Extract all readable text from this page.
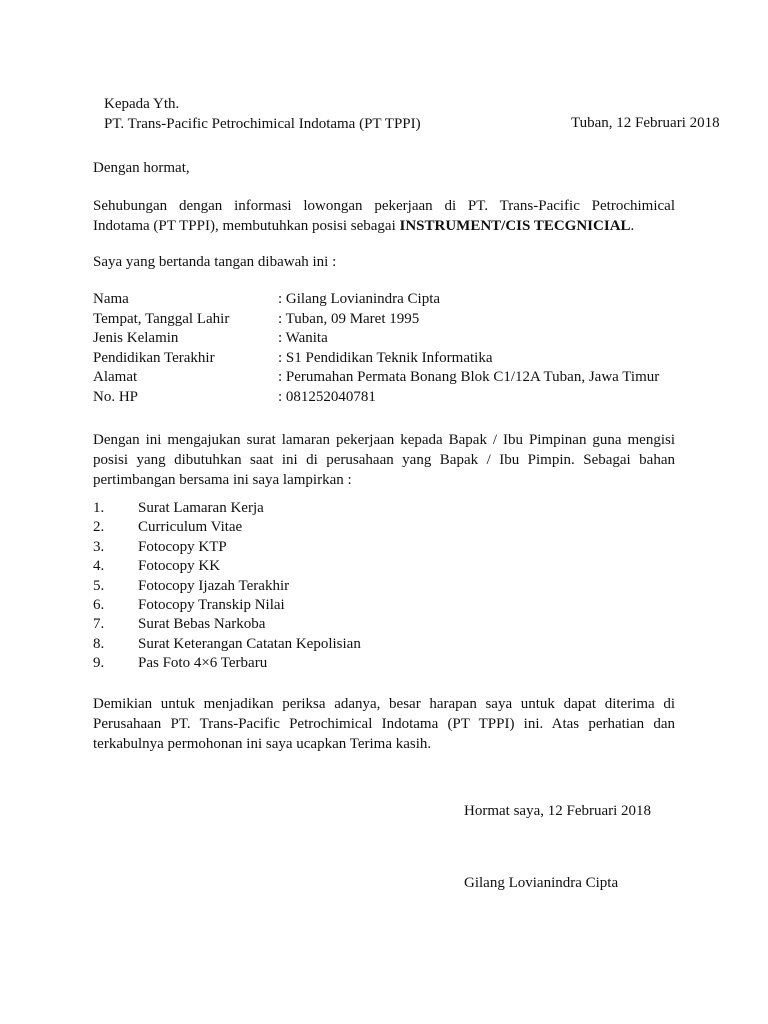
Kepada Yth.
PT. Trans-Pacific Petrochimical Indotama (PT TPPI)	Tuban, 12 Februari 2018
Dengan hormat,
Sehubungan dengan informasi lowongan pekerjaan di PT. Trans-Pacific Petrochimical
Indotama (PT TPPI), membutuhkan posisi sebagai INSTRUMENT/CIS TECGNICIAL.
Saya yang bertanda tangan dibawah ini :
Nama	: Gilang Lovianindra Cipta
Tempat, Tanggal Lahir	: Tuban, 09 Maret 1995
Jenis Kelamin	: Wanita
Pendidikan Terakhir	: S1 Pendidikan Teknik Informatika
Alamat	: Perumahan Permata Bonang Blok C1/12A Tuban, Jawa Timur
No. HP	: 081252040781
Dengan ini mengajukan surat lamaran pekerjaan kepada Bapak / Ibu Pimpinan guna mengisi
posisi yang dibutuhkan saat ini di perusahaan yang Bapak / Ibu Pimpin. Sebagai bahan
pertimbangan bersama ini saya lampirkan :
1. Surat Lamaran Kerja
2. Curriculum Vitae
3. Fotocopy KTP
4. Fotocopy KK
5. Fotocopy Ijazah Terakhir
6. Fotocopy Transkip Nilai
7. Surat Bebas Narkoba
8. Surat Keterangan Catatan Kepolisian
9. Pas Foto 4×6 Terbaru
Demikian untuk menjadikan periksa adanya, besar harapan saya untuk dapat diterima di
Perusahaan PT. Trans-Pacific Petrochimical Indotama (PT TPPI) ini. Atas perhatian dan
terkabulnya permohonan ini saya ucapkan Terima kasih.
Hormat saya, 12 Februari 2018
Gilang Lovianindra Cipta
